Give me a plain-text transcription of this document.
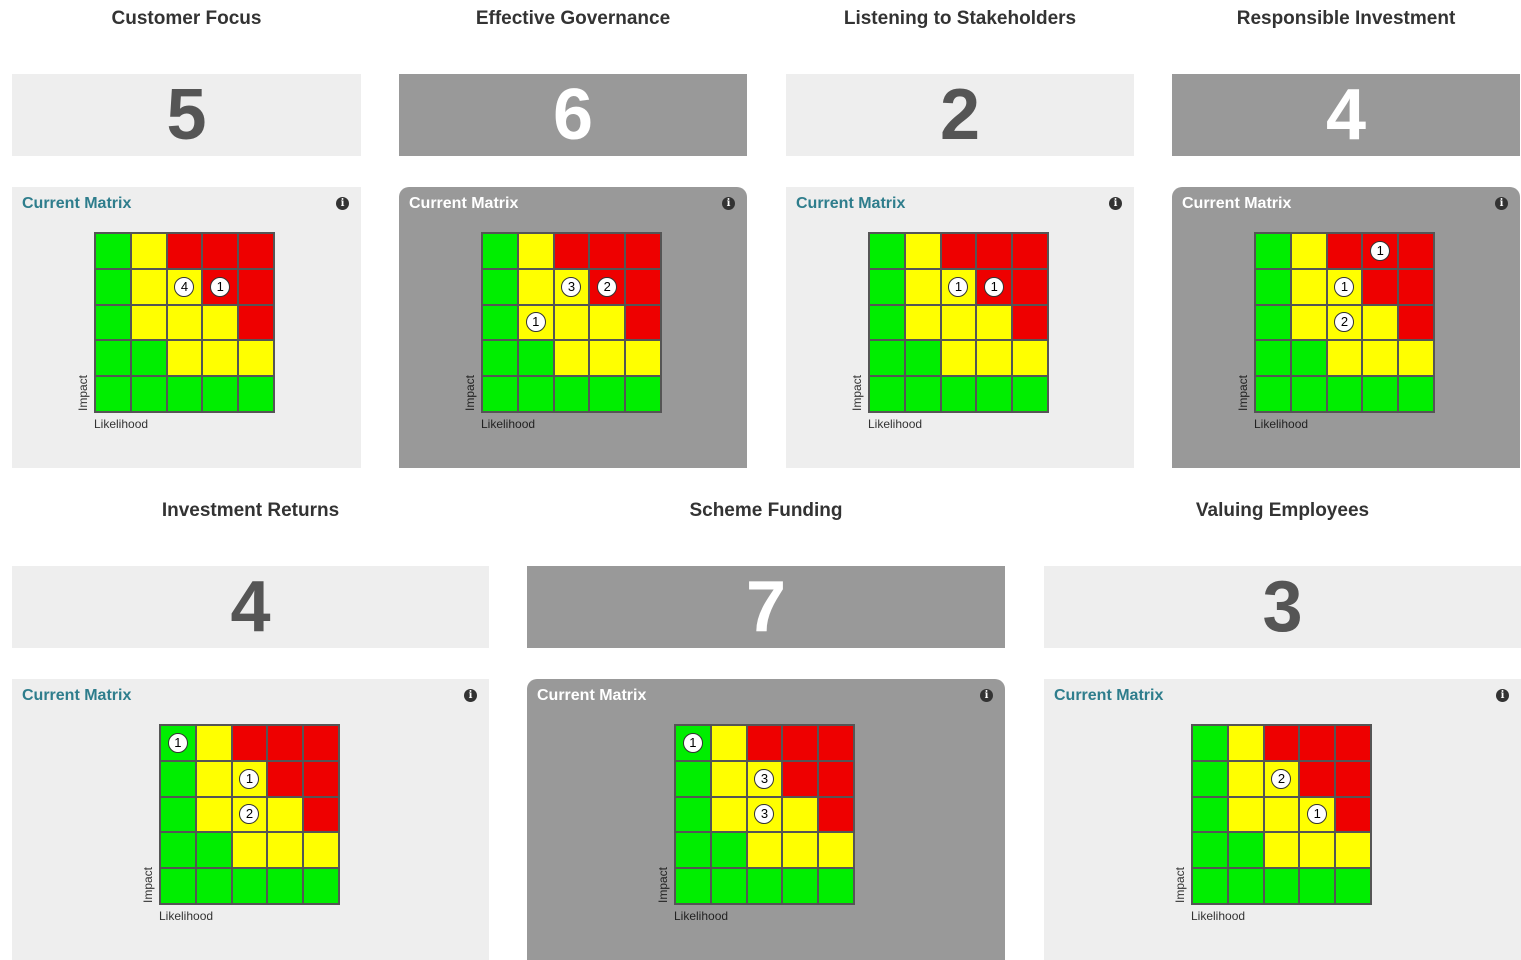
Customer Focus
5
Current Matrix	i
4	1
Impact
Likelihood
Effective Governance
6
Current Matrix	i
3	2
1
Impact
Likelihood
Listening to Stakeholders
2
Current Matrix	i
1	1
Impact
Likelihood
Responsible Investment
4
Current Matrix	i
1
1
2
Impact
Likelihood
Investment Returns
4
Current Matrix	i
1
1
2
Impact
Likelihood
Scheme Funding
7
Current Matrix	i
1
3
3
Impact
Likelihood
Valuing Employees
3
Current Matrix	i
2
1
Impact
Likelihood
